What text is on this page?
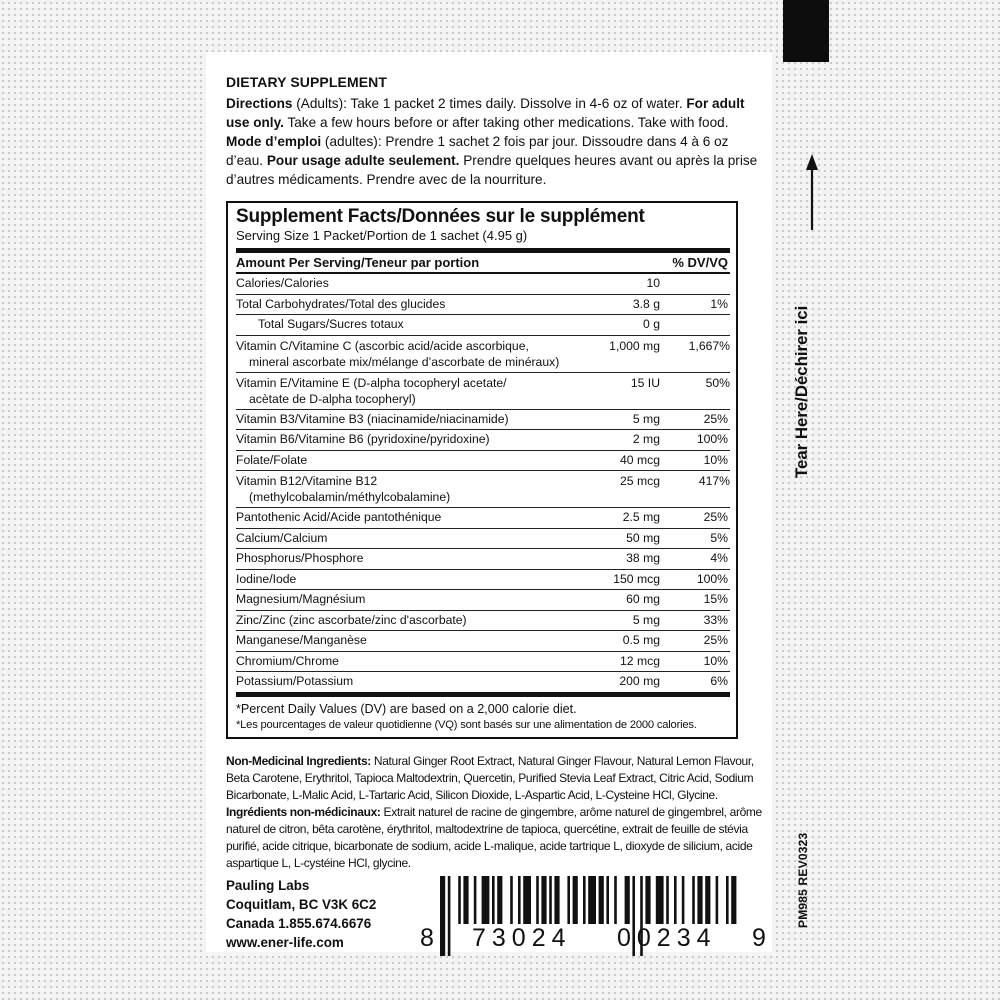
DIETARY SUPPLEMENT

Directions (Adults): Take 1 packet 2 times daily. Dissolve in 4-6 oz of water. For adult use only. Take a few hours before or after taking other medications. Take with food.
Mode d’emploi (adultes): Prendre 1 sachet 2 fois par jour. Dissoudre dans 4 à 6 oz d’eau. Pour usage adulte seulement. Prendre quelques heures avant ou après la prise d’autres médicaments. Prendre avec de la nourriture.

Supplement Facts/Données sur le supplément
Serving Size 1 Packet/Portion de 1 sachet (4.95 g)
Amount Per Serving/Teneur par portion		% DV/VQ
Calories/Calories	10	
Total Carbohydrates/Total des glucides	3.8 g	1%
Total Sugars/Sucres totaux	0 g	
Vitamin C/Vitamine C (ascorbic acid/acide ascorbique,
mineral ascorbate mix/mélange d’ascorbate de minéraux)	1,000 mg	1,667%
Vitamin E/Vitamine E (D-alpha tocopheryl acetate/
acètate de D-alpha tocopheryl)	15 IU	50%
Vitamin B3/Vitamine B3 (niacinamide/niacinamide)	5 mg	25%
Vitamin B6/Vitamine B6 (pyridoxine/pyridoxine)	2 mg	100%
Folate/Folate	40 mcg	10%
Vitamin B12/Vitamine B12
(methylcobalamin/méthylcobalamine)	25 mcg	417%
Pantothenic Acid/Acide pantothénique	2.5 mg	25%
Calcium/Calcium	50 mg	5%
Phosphorus/Phosphore	38 mg	4%
Iodine/Iode	150 mcg	100%
Magnesium/Magnésium	60 mg	15%
Zinc/Zinc (zinc ascorbate/zinc d'ascorbate)	5 mg	33%
Manganese/Manganèse	0.5 mg	25%
Chromium/Chrome	12 mcg	10%
Potassium/Potassium	200 mg	6%
*Percent Daily Values (DV) are based on a 2,000 calorie diet.
*Les pourcentages de valeur quotidienne (VQ) sont basés sur une alimentation de 2000 calories.
Non-Medicinal Ingredients: Natural Ginger Root Extract, Natural Ginger Flavour, Natural Lemon Flavour, Beta Carotene, Erythritol, Tapioca Maltodextrin, Quercetin, Purified Stevia Leaf Extract, Citric Acid, Sodium Bicarbonate, L-Malic Acid, L-Tartaric Acid, Silicon Dioxide, L-Aspartic Acid, L-Cysteine HCl, Glycine.
Ingrédients non-médicinaux: Extrait naturel de racine de gingembre, arôme naturel de gingembrel, arôme naturel de citron, bêta carotène, érythritol, maltodextrine de tapioca, quercétine, extrait de feuille de stévia purifié, acide citrique, bicarbonate de sodium, acide L-malique, acide tartrique L, dioxyde de silicium, acide aspartique L, L-cystéine HCl, glycine.
Pauling Labs
Coquitlam, BC V3K 6C2
Canada 1.855.674.6676
www.ener-life.com	8 73024 00234 9
Tear Here/Déchirer ici
PM985 REV0323
